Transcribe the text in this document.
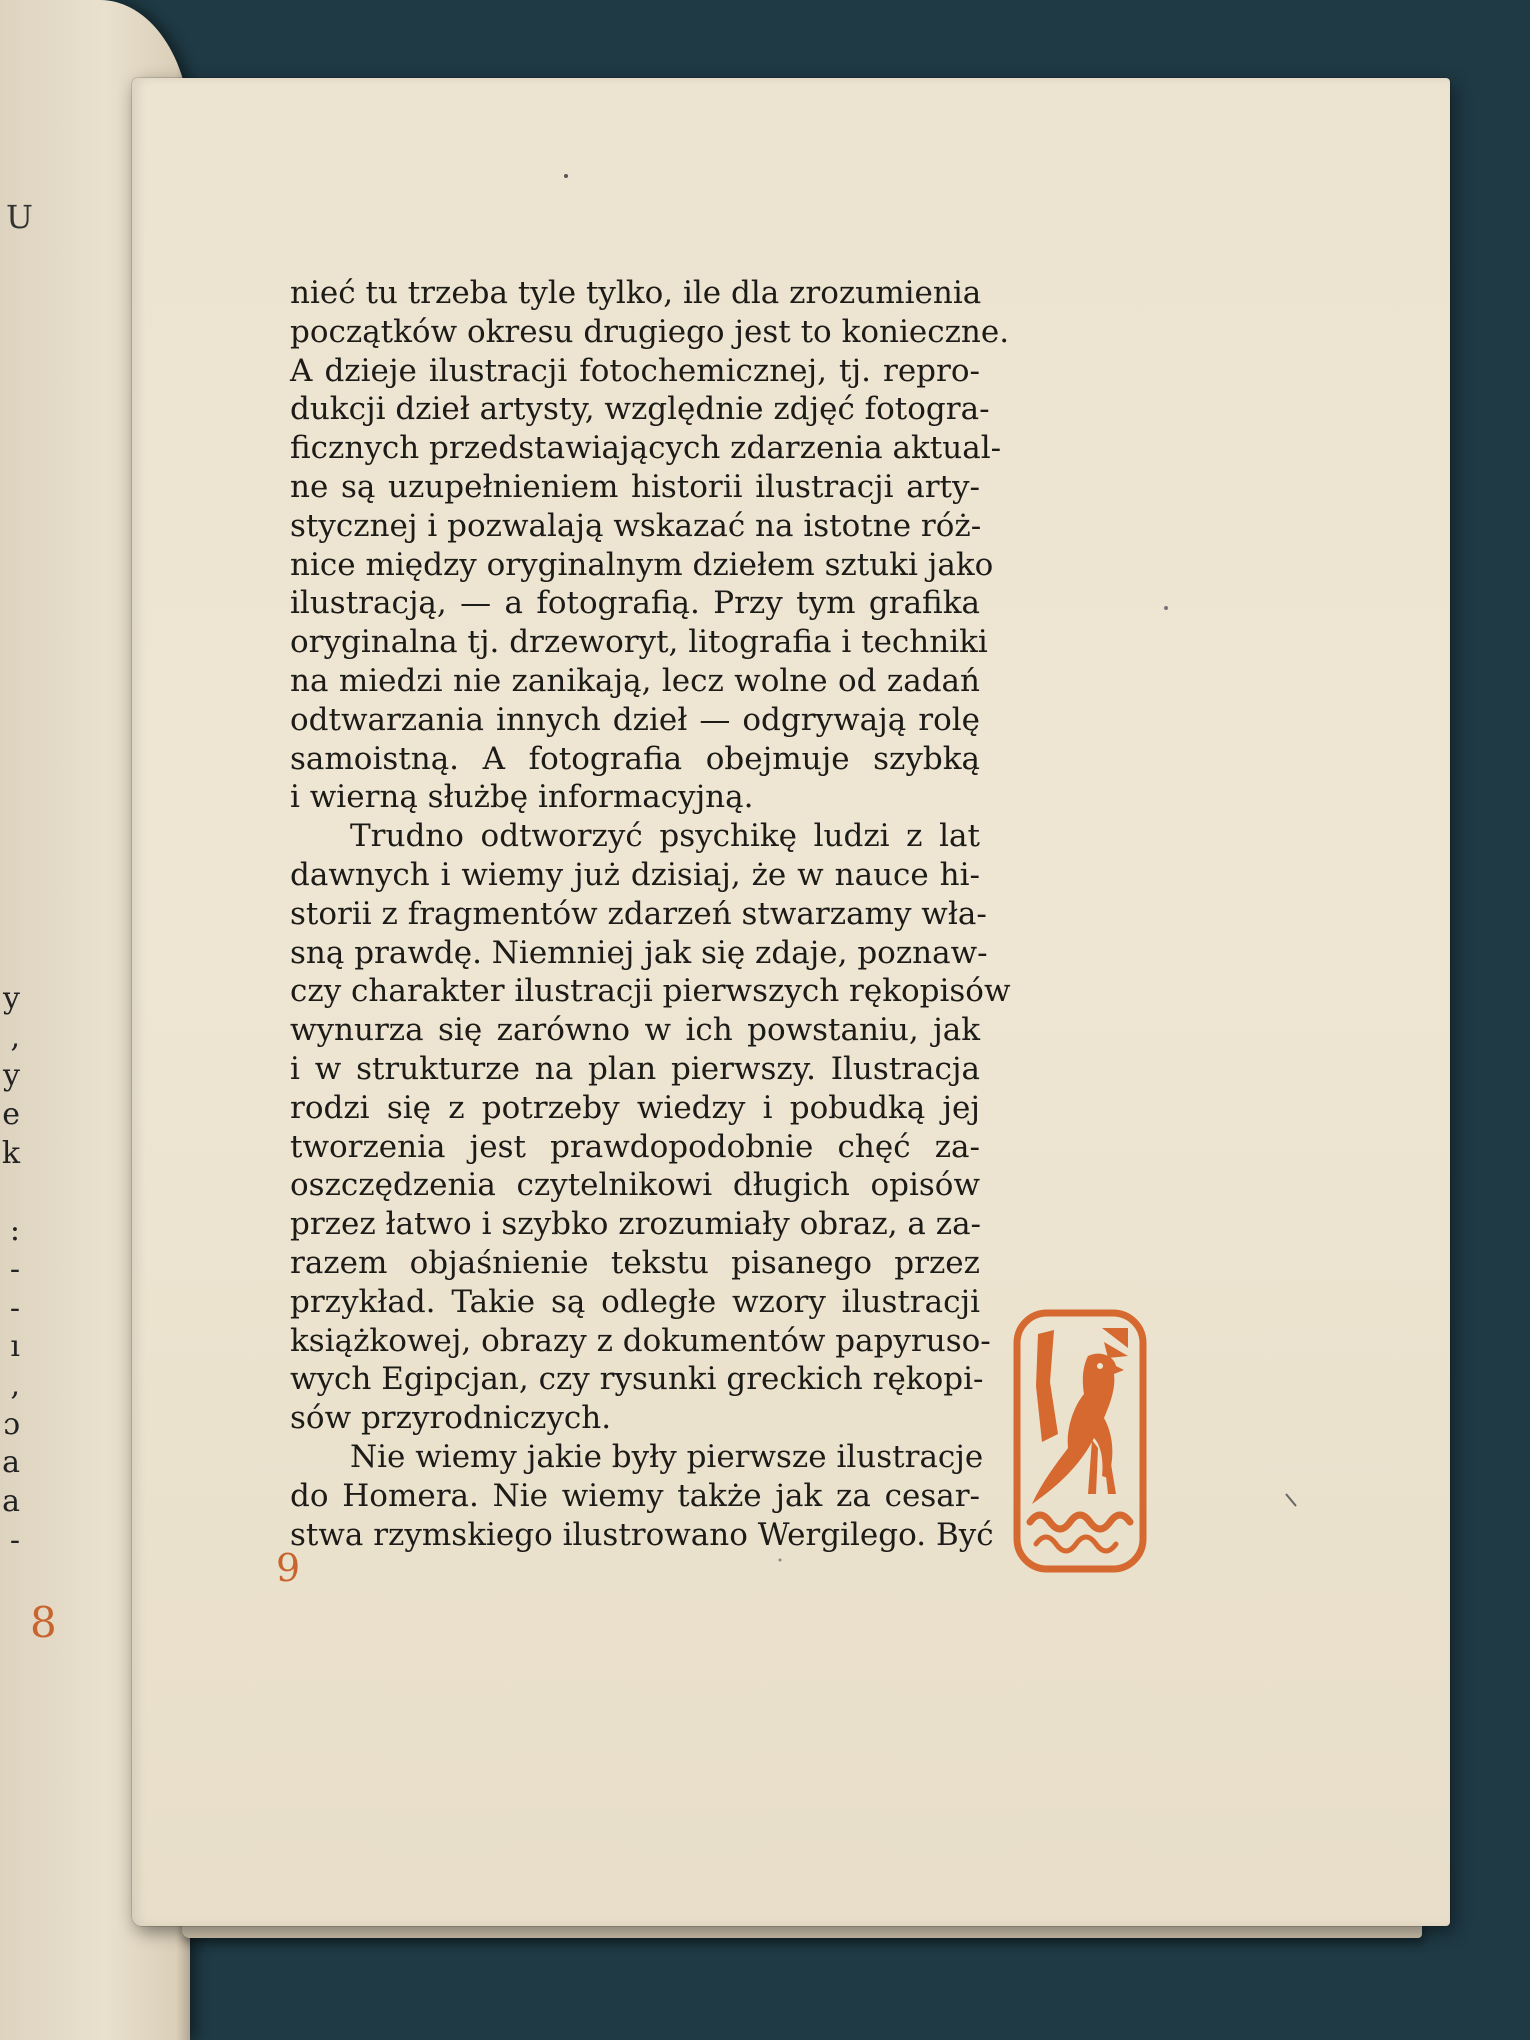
U
y
,
y
e
k
:
-
-
ı
,
ɔ
a
a
-
8
nieć tu trzeba tyle tylko, ile dla zrozumienia
początków okresu drugiego jest to konieczne.
A dzieje ilustracji fotochemicznej, tj. repro-
dukcji dzieł artysty, względnie zdjęć fotogra-
ficznych przedstawiających zdarzenia aktual-
ne są uzupełnieniem historii ilustracji arty-
stycznej i pozwalają wskazać na istotne róż-
nice między oryginalnym dziełem sztuki jako
ilustracją, — a fotografią. Przy tym grafika
oryginalna tj. drzeworyt, litografia i techniki
na miedzi nie zanikają, lecz wolne od zadań
odtwarzania innych dzieł — odgrywają rolę
samoistną. A fotografia obejmuje szybką
i wierną służbę informacyjną.
Trudno odtworzyć psychikę ludzi z lat
dawnych i wiemy już dzisiaj, że w nauce hi-
storii z fragmentów zdarzeń stwarzamy wła-
sną prawdę. Niemniej jak się zdaje, poznaw-
czy charakter ilustracji pierwszych rękopisów
wynurza się zarówno w ich powstaniu, jak
i w strukturze na plan pierwszy. Ilustracja
rodzi się z potrzeby wiedzy i pobudką jej
tworzenia jest prawdopodobnie chęć za-
oszczędzenia czytelnikowi długich opisów
przez łatwo i szybko zrozumiały obraz, a za-
razem objaśnienie tekstu pisanego przez
przykład. Takie są odległe wzory ilustracji
książkowej, obrazy z dokumentów papyruso-
wych Egipcjan, czy rysunki greckich rękopi-
sów przyrodniczych.
Nie wiemy jakie były pierwsze ilustracje
do Homera. Nie wiemy także jak za cesar-
stwa rzymskiego ilustrowano Wergilego. Być
9
